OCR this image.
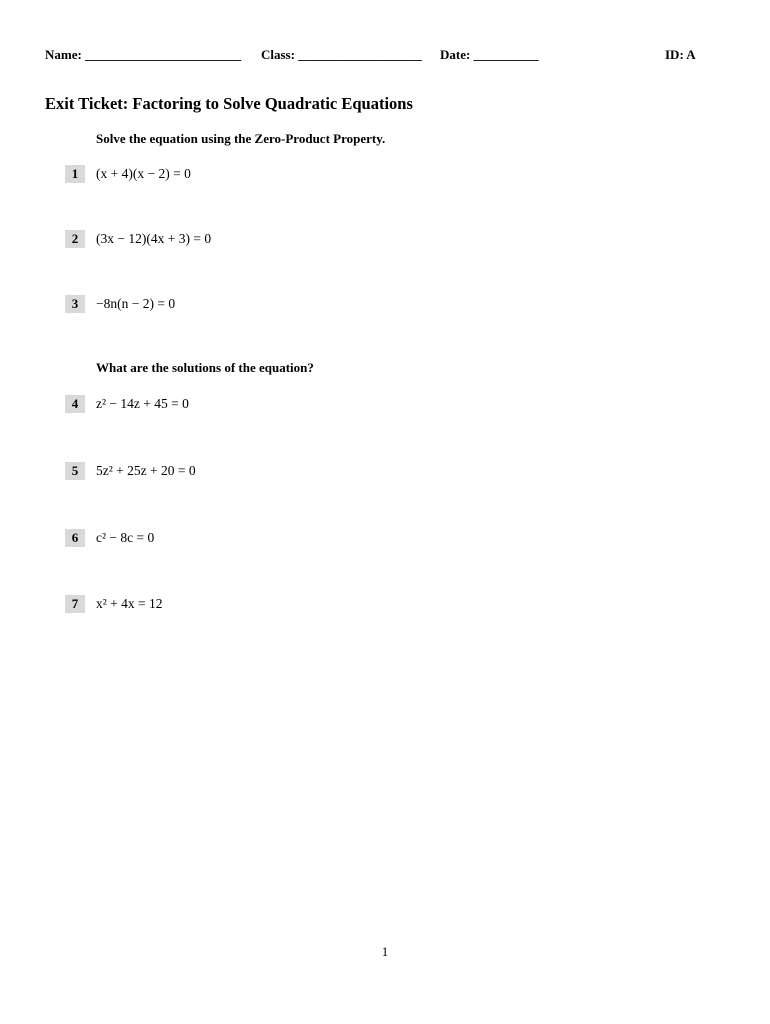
Name: ________________________ Class: ___________________ Date: __________	ID: A
Exit Ticket: Factoring to Solve Quadratic Equations
Solve the equation using the Zero-Product Property.
1	(x + 4)(x − 2) = 0
2	(3x − 12)(4x + 3) = 0
3	−8n(n − 2) = 0
What are the solutions of the equation?
4	z² − 14z + 45 = 0
5	5z² + 25z + 20 = 0
6	c² − 8c = 0
7	x² + 4x = 12
1
